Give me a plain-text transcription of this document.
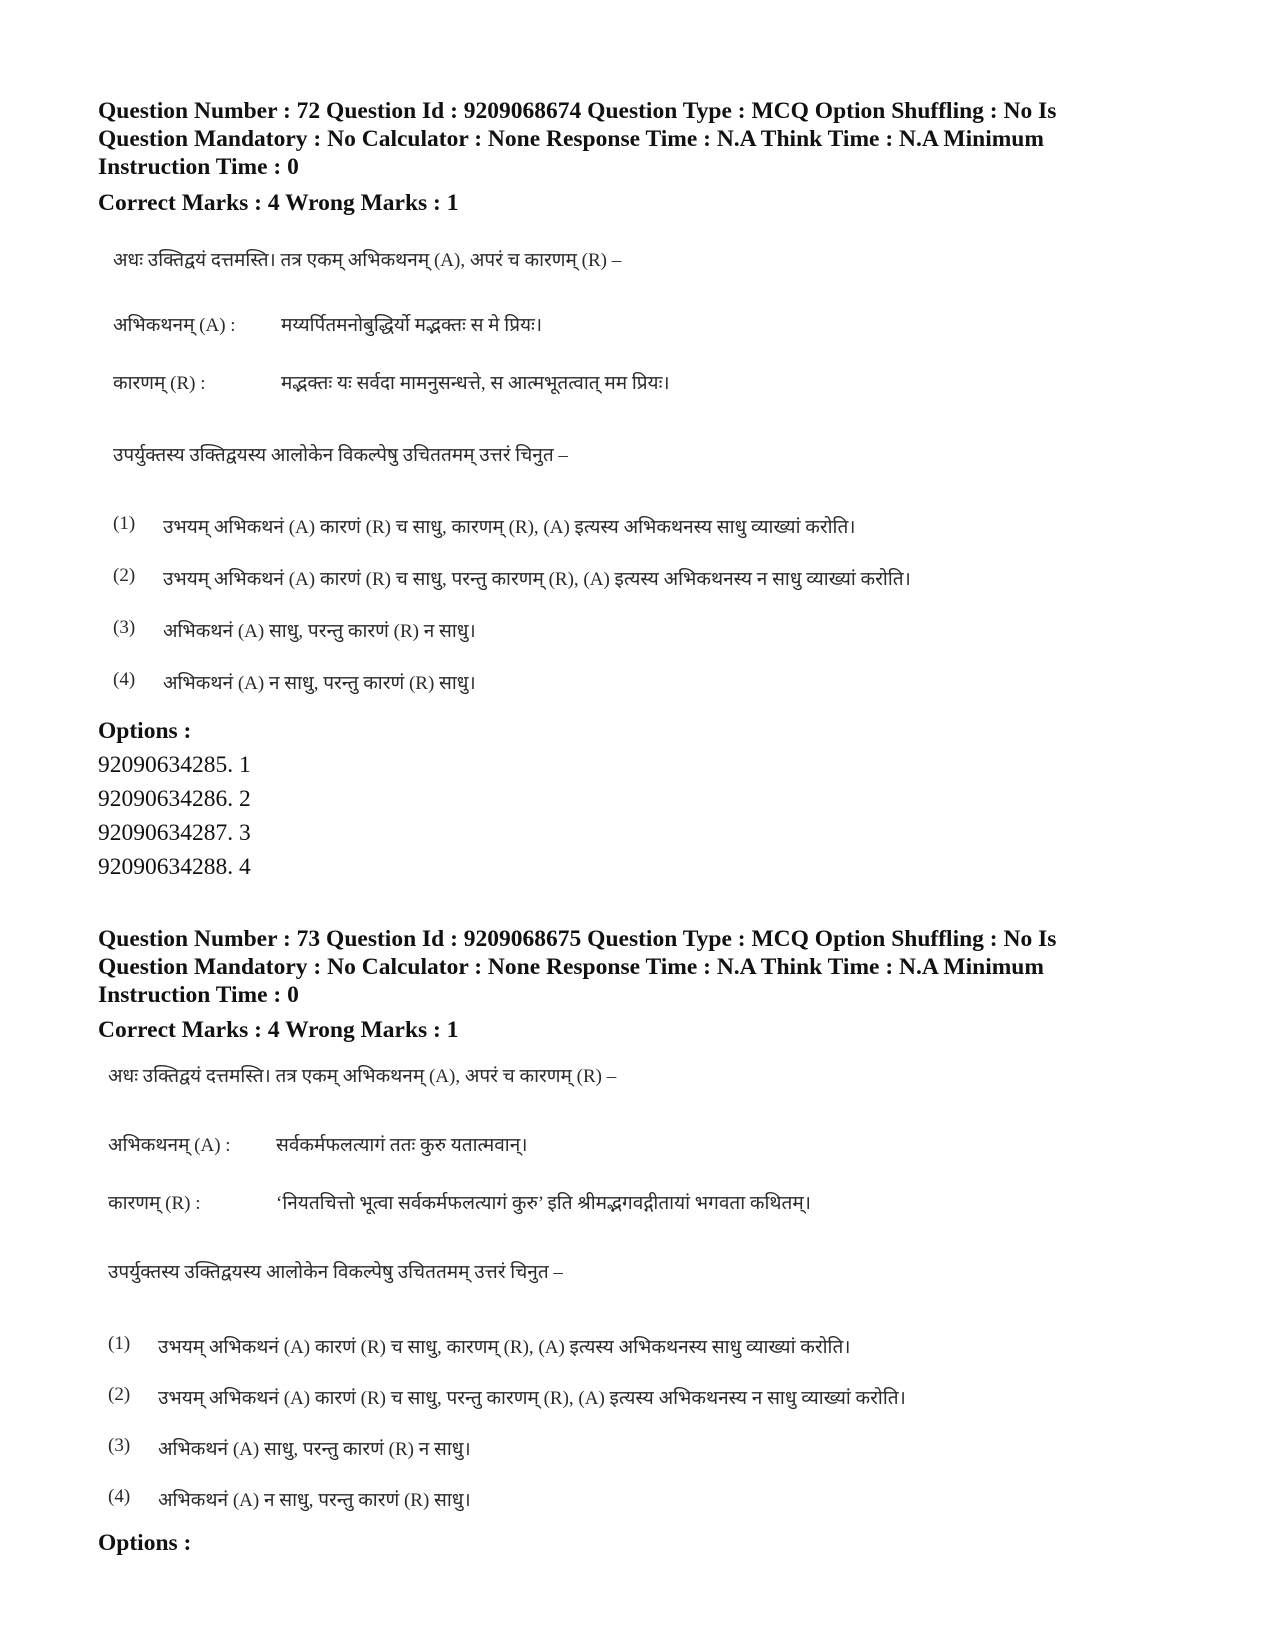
Question Number : 72 Question Id : 9209068674 Question Type : MCQ Option Shuffling : No Is
Question Mandatory : No Calculator : None Response Time : N.A Think Time : N.A Minimum
Instruction Time : 0
Correct Marks : 4 Wrong Marks : 1
अधः उक्तिद्वयं दत्तमस्ति। तत्र एकम् अभिकथनम् (A), अपरं च कारणम् (R) –
अभिकथनम् (A) : मय्यर्पितमनोबुद्धिर्यो मद्भक्तः स मे प्रियः।
कारणम् (R) :	मद्भक्तः यः सर्वदा मामनुसन्धत्ते, स आत्मभूतत्वात् मम प्रियः।
उपर्युक्तस्य उक्तिद्वयस्य आलोकेन विकल्पेषु उचिततमम् उत्तरं चिनुत –
(1) उभयम् अभिकथनं (A) कारणं (R) च साधु, कारणम् (R), (A) इत्यस्य अभिकथनस्य साधु व्याख्यां करोति।
(2) उभयम् अभिकथनं (A) कारणं (R) च साधु, परन्तु कारणम् (R), (A) इत्यस्य अभिकथनस्य न साधु व्याख्यां करोति।
(3) अभिकथनं (A) साधु, परन्तु कारणं (R) न साधु।
(4) अभिकथनं (A) न साधु, परन्तु कारणं (R) साधु।
Options :
92090634285. 1
92090634286. 2
92090634287. 3
92090634288. 4
Question Number : 73 Question Id : 9209068675 Question Type : MCQ Option Shuffling : No Is
Question Mandatory : No Calculator : None Response Time : N.A Think Time : N.A Minimum
Instruction Time : 0
Correct Marks : 4 Wrong Marks : 1
अधः उक्तिद्वयं दत्तमस्ति। तत्र एकम् अभिकथनम् (A), अपरं च कारणम् (R) –
अभिकथनम् (A) : सर्वकर्मफलत्यागं ततः कुरु यतात्मवान्।
कारणम् (R) :	‘नियतचित्तो भूत्वा सर्वकर्मफलत्यागं कुरु’ इति श्रीमद्भगवद्गीतायां भगवता कथितम्।
उपर्युक्तस्य उक्तिद्वयस्य आलोकेन विकल्पेषु उचिततमम् उत्तरं चिनुत –
(1) उभयम् अभिकथनं (A) कारणं (R) च साधु, कारणम् (R), (A) इत्यस्य अभिकथनस्य साधु व्याख्यां करोति।
(2) उभयम् अभिकथनं (A) कारणं (R) च साधु, परन्तु कारणम् (R), (A) इत्यस्य अभिकथनस्य न साधु व्याख्यां करोति।
(3) अभिकथनं (A) साधु, परन्तु कारणं (R) न साधु।
(4) अभिकथनं (A) न साधु, परन्तु कारणं (R) साधु।
Options :
